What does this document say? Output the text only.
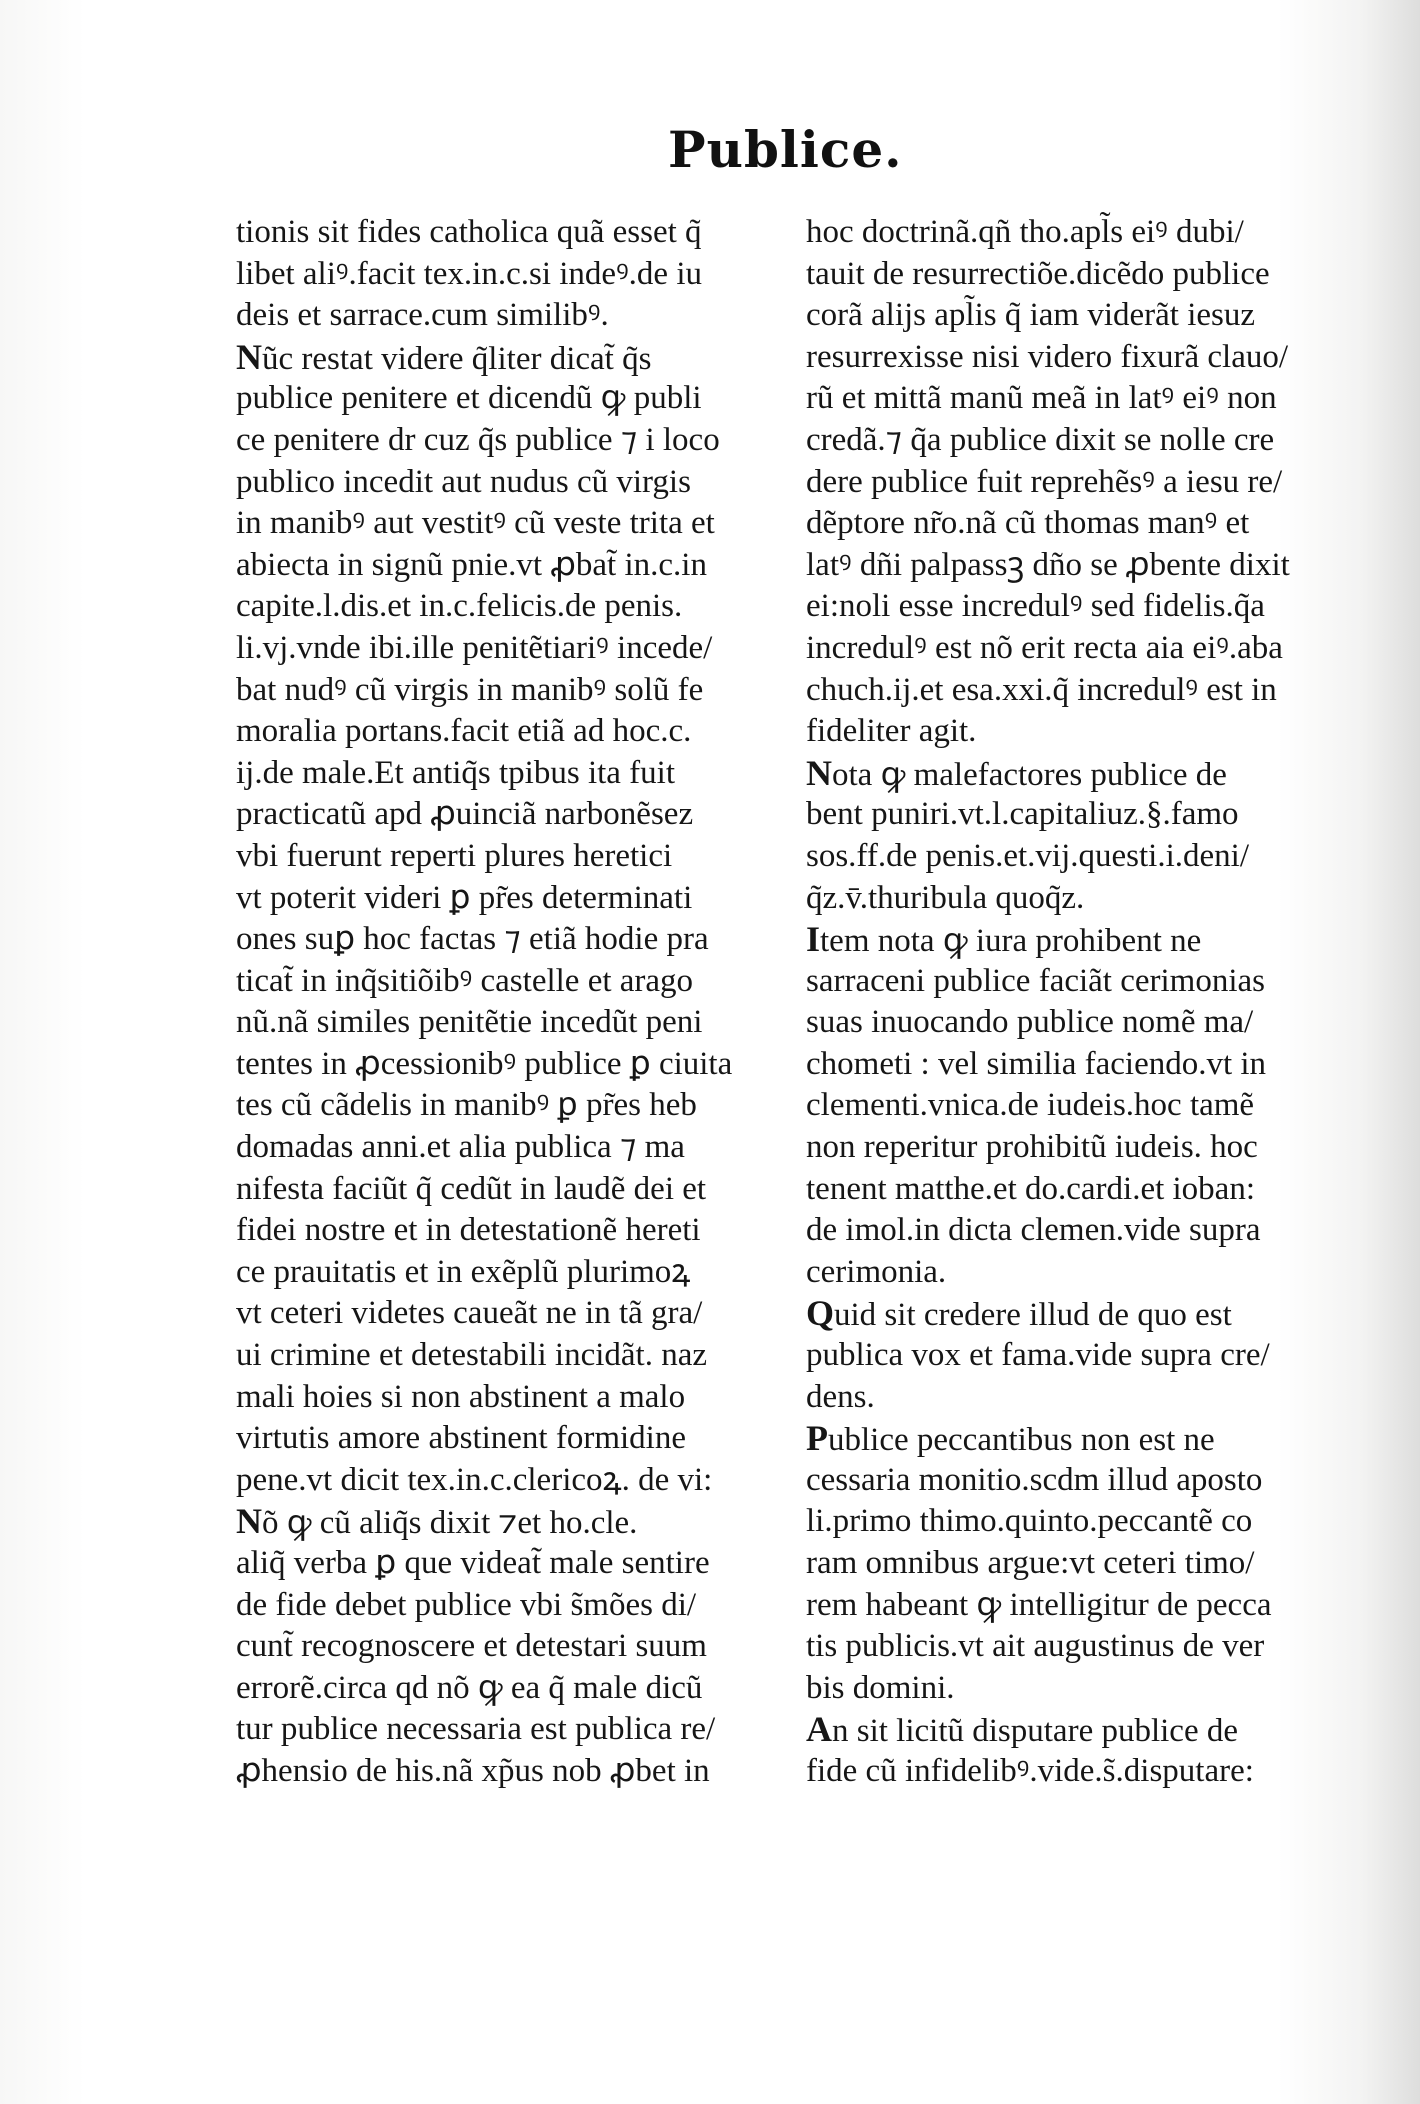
Publice.
tionis sit fides catholica quã esset q̃
libet aliꝰ.facit tex.in.c.si indeꝰ.de iu
deis et sarrace.cum similibꝰ.
Nũc restat videre q̃liter dicat̃ q̃s
publice penitere et dicendũ ꝙ publi
ce penitere dr cuz q̃s publice ⁊ i loco
publico incedit aut nudus cũ virgis
in manibꝰ aut vestitꝰ cũ veste trita et
abiecta in signũ pnie.vt ꝓbat̃ in.c.in
capite.l.dis.et in.c.felicis.de penis.
li.vj.vnde ibi.ille penitẽtiariꝰ incede/
bat nudꝰ cũ virgis in manibꝰ solũ fe
moralia portans.facit etiã ad hoc.c.
ij.de male.Et antiq̃s tpibus ita fuit
practicatũ apd ꝓuinciã narbonẽsez
vbi fuerunt reperti plures heretici
vt poterit videri ꝑ pr̃es determinati
ones suꝑ hoc factas ⁊ etiã hodie pra
ticat̃ in inq̃sitiõibꝰ castelle et arago
nũ.nã similes penitẽtie incedũt peni
tentes in ꝓcessionibꝰ publice ꝑ ciuita
tes cũ cãdelis in manibꝰ ꝑ pr̃es heb
domadas anni.et alia publica ⁊ ma
nifesta faciũt q̃ cedũt in laudẽ dei et
fidei nostre et in detestationẽ hereti
ce prauitatis et in exẽplũ plurimoꝝ
vt ceteri videtes caueãt ne in tã gra/
ui crimine et detestabili incidãt. naz
mali hoies si non abstinent a malo
virtutis amore abstinent formidine
pene.vt dicit tex.in.c.clericoꝝ. de vi:
Nõ ꝙ cũ aliq̃s dixit ⁊et ho.cle.
aliq̃ verba ꝑ que videat̃ male sentire
de fide debet publice vbi s̃mões di/
cunt̃ recognoscere et detestari suum
errorẽ.circa qd nõ ꝙ ea q̃ male dicũ
tur publice necessaria est publica re/
ꝓhensio de his.nã xp̃us nob ꝓbet in
hoc doctrinã.qñ tho.apl̃s eiꝰ dubi/
tauit de resurrectiõe.dicẽdo publice
corã alijs apl̃is q̃ iam viderãt iesuz
resurrexisse nisi videro fixurã clauo/
rũ et mittã manũ meã in latꝰ eiꝰ non
credã.⁊ q̃a publice dixit se nolle cre
dere publice fuit reprehẽsꝰ a iesu re/
dẽptore nr̃o.nã cũ thomas manꝰ et
latꝰ dñi palpassꝫ dño se ꝓbente dixit
ei:noli esse incredulꝰ sed fidelis.q̃a
incredulꝰ est nõ erit recta aia eiꝰ.aba
chuch.ij.et esa.xxi.q̃ incredulꝰ est in
fideliter agit.
Nota ꝙ malefactores publice de
bent puniri.vt.l.capitaliuz.§.famo
sos.ff.de penis.et.vij.questi.i.deni/
q̃z.v̄.thuribula quoq̃z.
Item nota ꝙ iura prohibent ne
sarraceni publice faciãt cerimonias
suas inuocando publice nomẽ ma/
chometi : vel similia faciendo.vt in
clementi.vnica.de iudeis.hoc tamẽ
non reperitur prohibitũ iudeis. hoc
tenent matthe.et do.cardi.et ioban:
de imol.in dicta clemen.vide supra
cerimonia.
Quid sit credere illud de quo est
publica vox et fama.vide supra cre/
dens.
Publice peccantibus non est ne
cessaria monitio.scdm illud aposto
li.primo thimo.quinto.peccantẽ co
ram omnibus argue:vt ceteri timo/
rem habeant ꝙ intelligitur de pecca
tis publicis.vt ait augustinus de ver
bis domini.
An sit licitũ disputare publice de
fide cũ infidelibꝰ.vide.s̃.disputare:
